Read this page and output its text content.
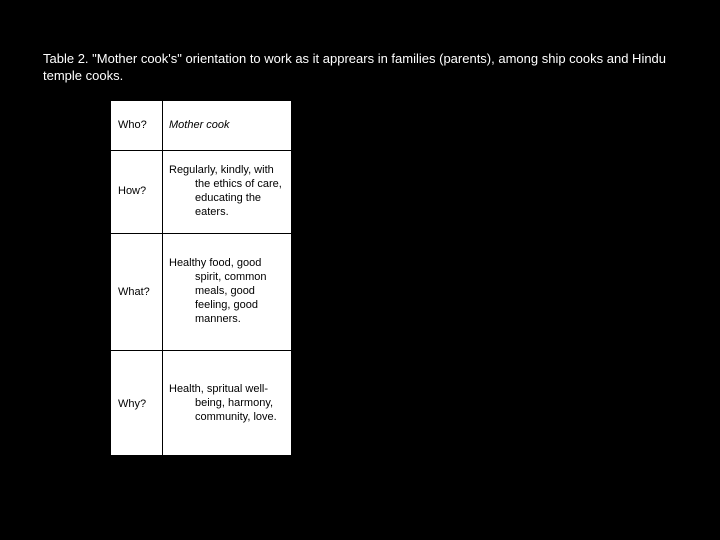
Table 2. "Mother cook's" orientation to work as it apprears in families (parents), among ship cooks and Hindu temple cooks.
Who? Mother cook
How?
Regularly, kindly, with the ethics of care, educating the eaters.
What?
Healthy food, good spirit, common meals, good feeling, good manners.
Why?
Health, spritual well-being, harmony, community, love.
